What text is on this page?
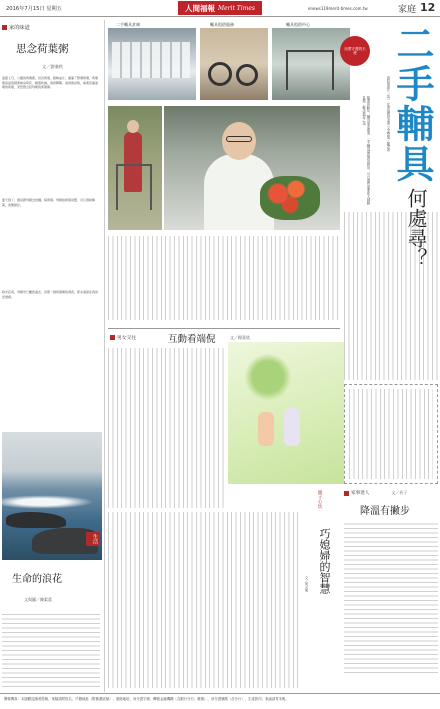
2016年7月15日 星期五	人間福報 Merit Times	enews119merit-times.com.tw	家庭 12
家的味道
思念荷葉粥
文／劉蓁秩
盛夏七月，公園的荷塘裡，田田荷葉，碧映成片，滿滿了整個荷塘，荷塘裡高高的挺著幾朵荷花，輕風吹拂，清香陣陣，美得像詩般，看著這滿池塘的荷葉，突然想念起母親的荷葉粥。
夏天到了，總是跟母親去挖藕，採荷葉。母親說荷葉是寶，可以清熱解暑，煮粥最好。
時光荏苒，母親早已離我遠去，但那一碗荷葉粥的清香，卻永遠留在我的記憶裡。
生活
生命的浪花
文與圖／陳素蕾
二手輔具倉庫	輔具租借服務	輔具租借中心
用愛守護的天使 二手輔具
何處尋？
資料與照片／黃一 社會福利基金會 文字整理／陳君如
隨著高齡化，輔具需求增加，二手輔具讓資源再利用，可以讓有需要的人減輕負擔，解決燃眉之急。
男女交往	互動看端倪	文／楊嘉欣
親子心坎
巧媳婦的智慧
文／何言東
家事達人	文／若子
降溫有撇步
閱報傳真：本版歡迎讀者投稿，來稿請附姓名、戶籍地址（附郵遞區號）、連絡地址、身分證字號、轉帳金融機構（含銀行分行、帳號）、身分證號碼（含分行）、生產影印、來函請寄本報。
